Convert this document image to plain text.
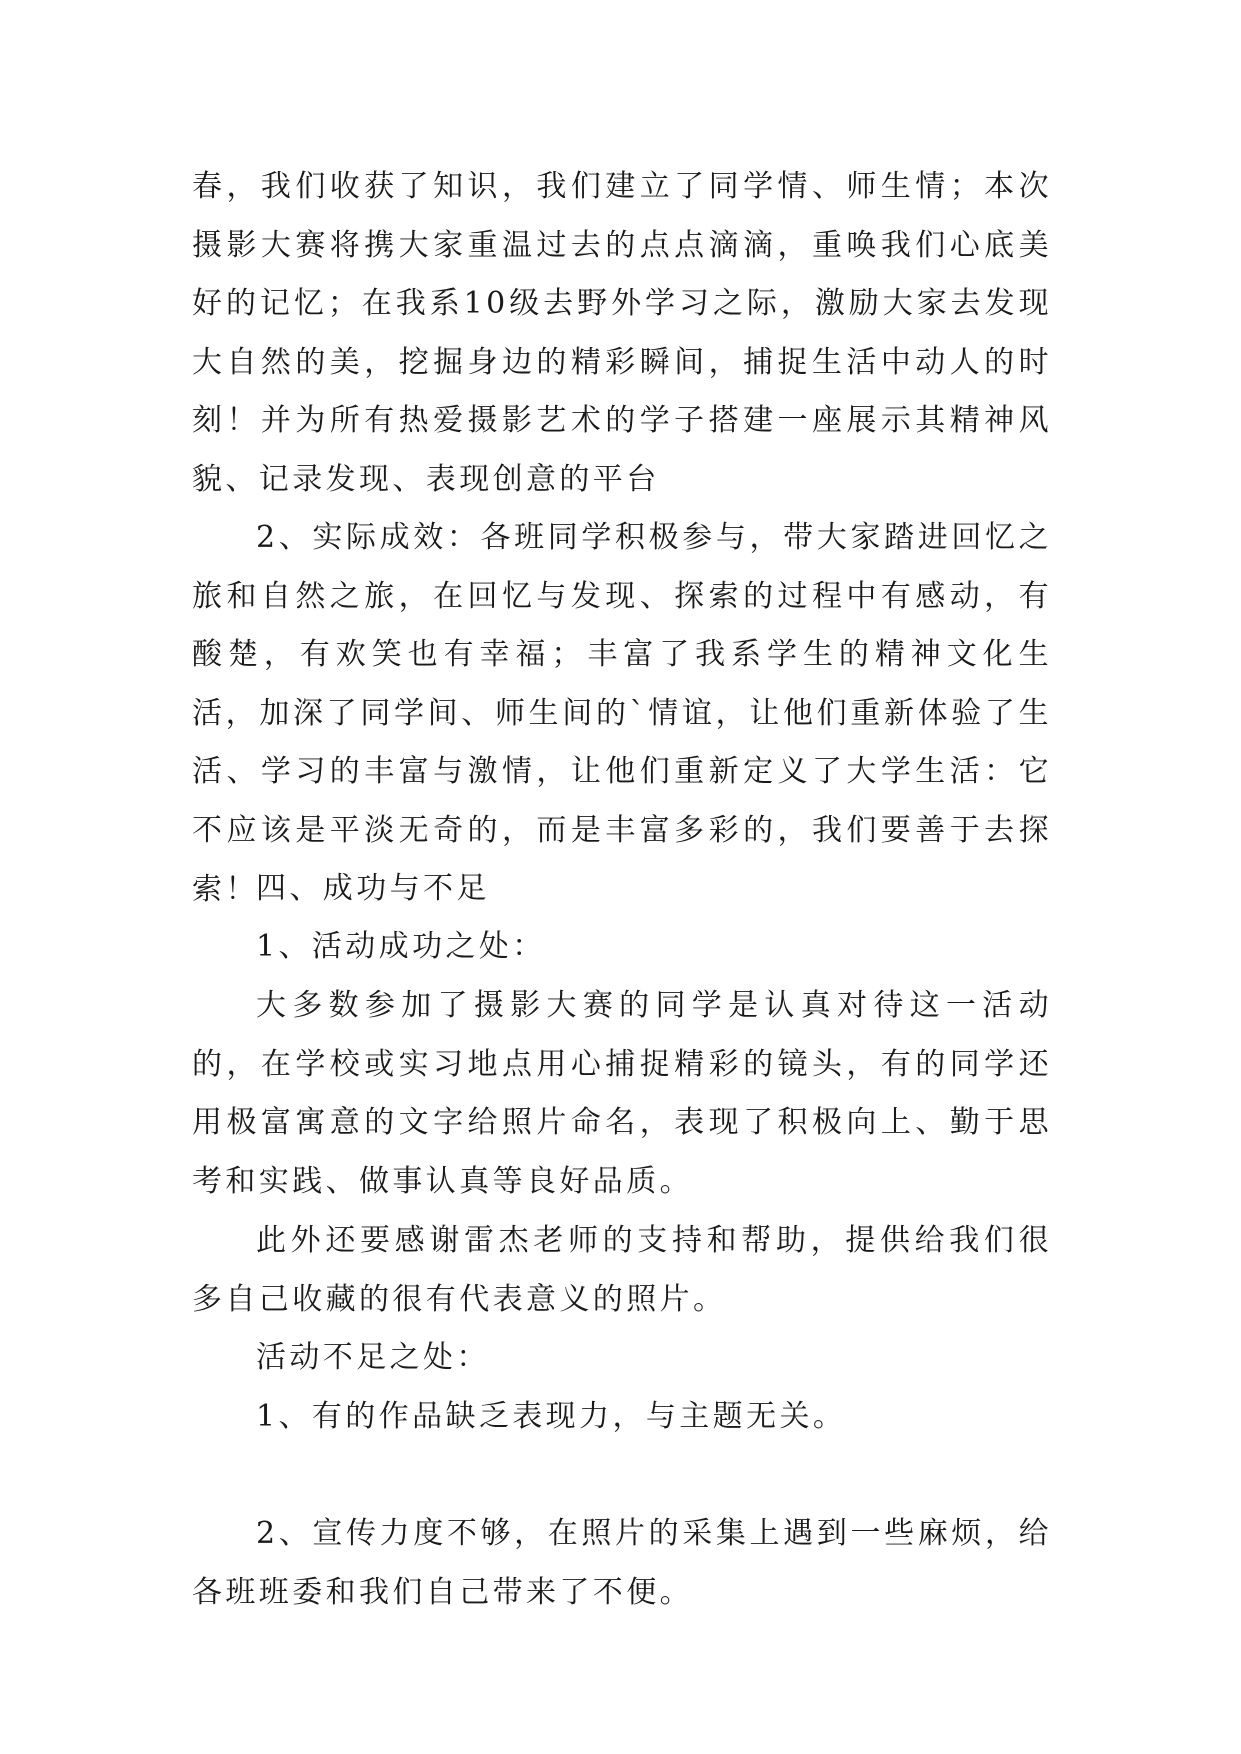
春，我们收获了知识，我们建立了同学情、师生情；本次摄影大赛将携大家重温过去的点点滴滴，重唤我们心底美好的记忆；在我系10级去野外学习之际，激励大家去发现大自然的美，挖掘身边的精彩瞬间，捕捉生活中动人的时刻！并为所有热爱摄影艺术的学子搭建一座展示其精神风貌、记录发现、表现创意的平台
2、实际成效：各班同学积极参与，带大家踏进回忆之旅和自然之旅，在回忆与发现、探索的过程中有感动，有酸楚，有欢笑也有幸福；丰富了我系学生的精神文化生活，加深了同学间、师生间的`情谊，让他们重新体验了生活、学习的丰富与激情，让他们重新定义了大学生活：它不应该是平淡无奇的，而是丰富多彩的，我们要善于去探索！
四、成功与不足
1、活动成功之处：
大多数参加了摄影大赛的同学是认真对待这一活动的，在学校或实习地点用心捕捉精彩的镜头，有的同学还用极富寓意的文字给照片命名，表现了积极向上、勤于思考和实践、做事认真等良好品质。
此外还要感谢雷杰老师的支持和帮助，提供给我们很多自己收藏的很有代表意义的照片。
活动不足之处：
1、有的作品缺乏表现力，与主题无关。
2、宣传力度不够，在照片的采集上遇到一些麻烦，给各班班委和我们自己带来了不便。
